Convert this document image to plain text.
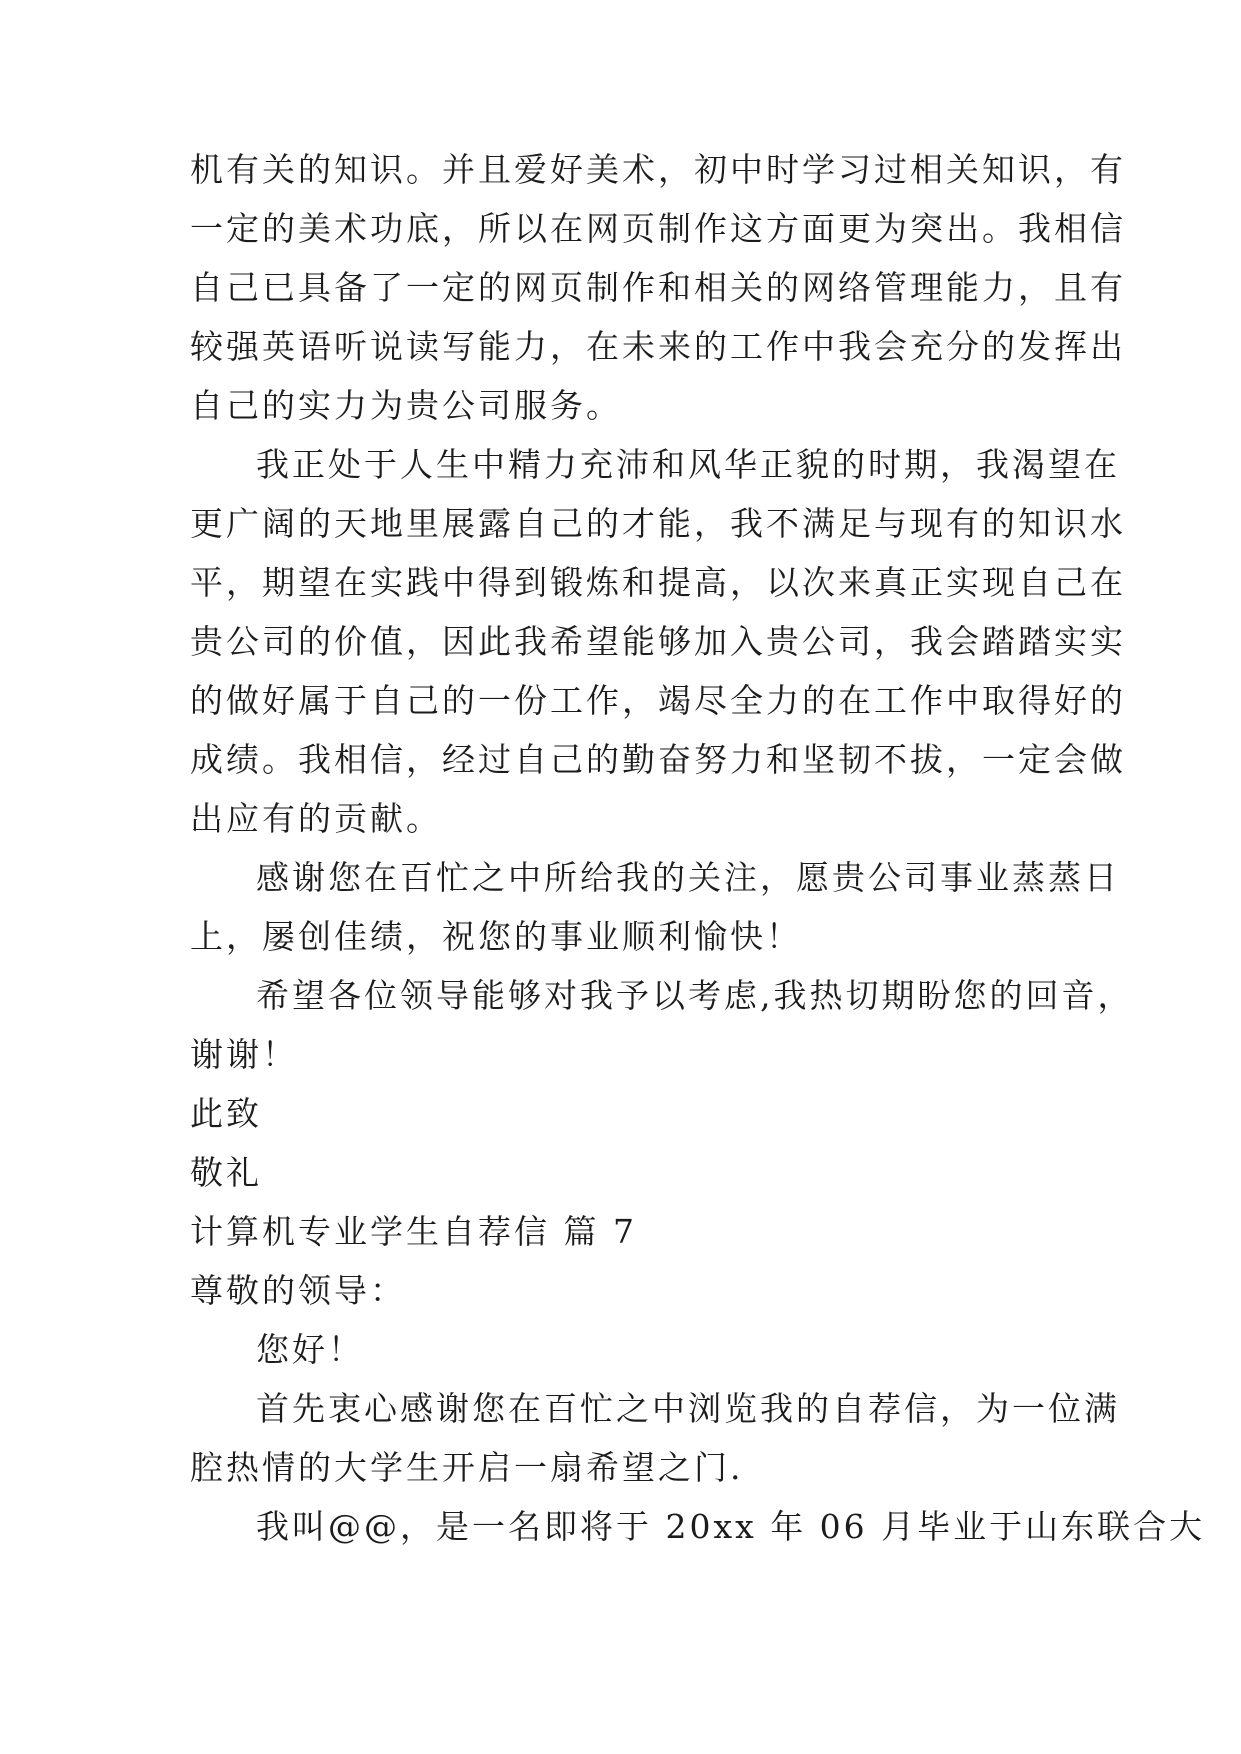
机有关的知识。并且爱好美术，初中时学习过相关知识，有
一定的美术功底，所以在网页制作这方面更为突出。我相信
自己已具备了一定的网页制作和相关的网络管理能力，且有
较强英语听说读写能力，在未来的工作中我会充分的发挥出
自己的实力为贵公司服务。
我正处于人生中精力充沛和风华正貌的时期，我渴望在
更广阔的天地里展露自己的才能，我不满足与现有的知识水
平，期望在实践中得到锻炼和提高，以次来真正实现自己在
贵公司的价值，因此我希望能够加入贵公司，我会踏踏实实
的做好属于自己的一份工作，竭尽全力的在工作中取得好的
成绩。我相信，经过自己的勤奋努力和坚韧不拔，一定会做
出应有的贡献。
感谢您在百忙之中所给我的关注，愿贵公司事业蒸蒸日
上，屡创佳绩，祝您的事业顺利愉快！
希望各位领导能够对我予以考虑,我热切期盼您的回音，
谢谢！
此致
敬礼
计算机专业学生自荐信 篇 7
尊敬的领导：
您好！
首先衷心感谢您在百忙之中浏览我的自荐信，为一位满
腔热情的大学生开启一扇希望之门.
我叫@@，是一名即将于 20xx 年 06 月毕业于山东联合大
